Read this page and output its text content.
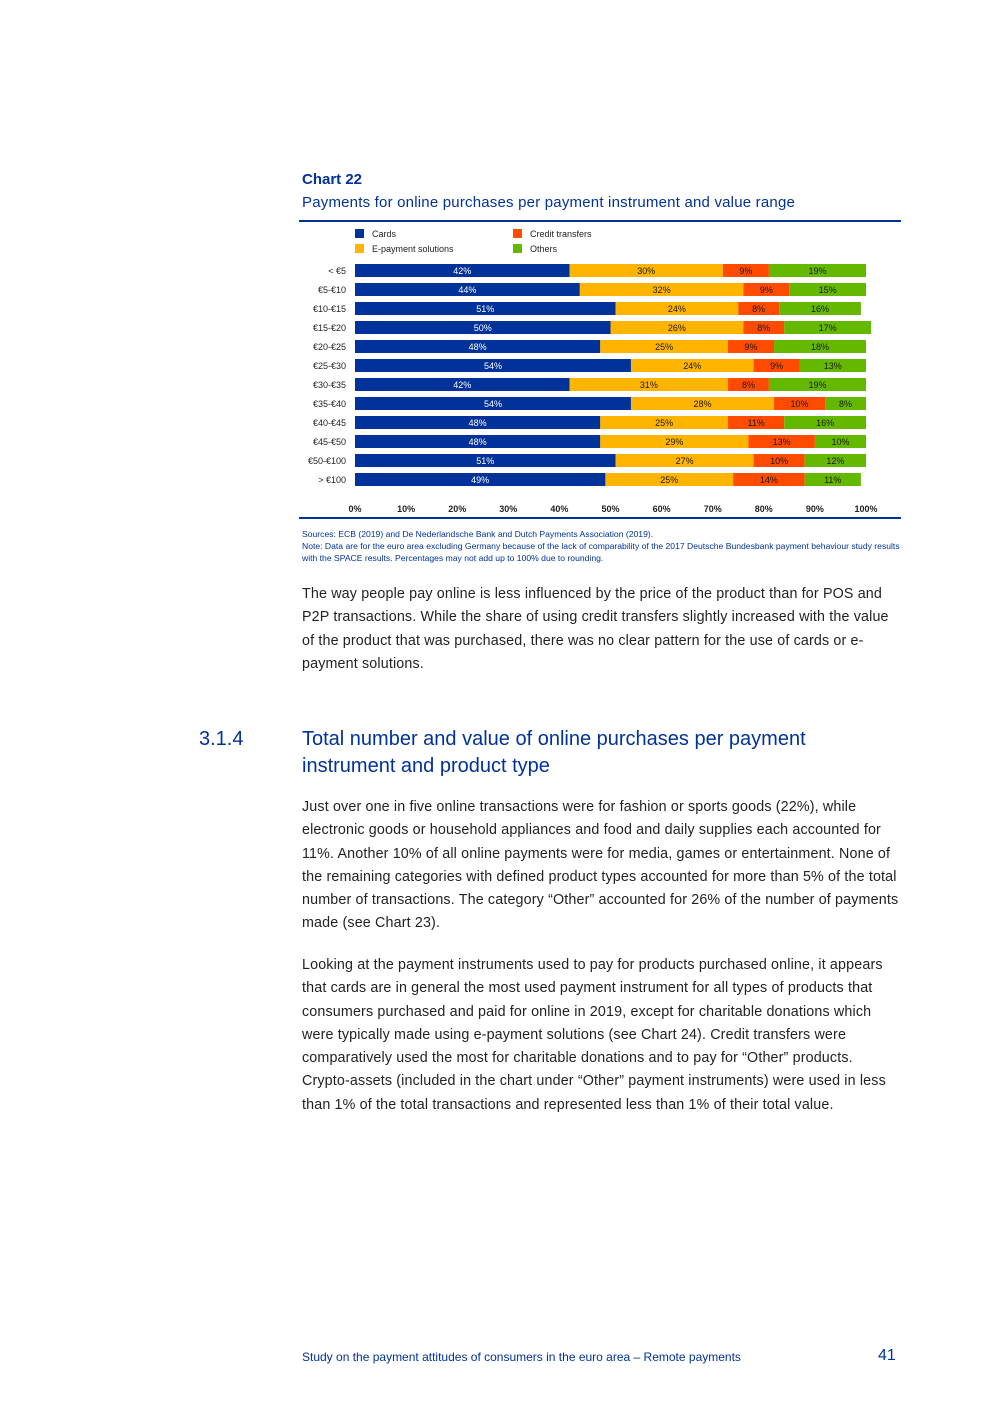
Chart 22

Payments for online purchases per payment instrument and value range

Cards	Credit transfers
E-payment solutions	Others
< €5	42%	30%	9%	19%
€5-€10	44%	32%	9%	15%
€10-€15	51%	24%	8%	16%
€15-€20	50%	26%	8%	17%
€20-€25	48%	25%	9%	18%
€25-€30	54%	24%	9%	13%
€30-€35	42%	31%	8%	19%
€35-€40	54%	28%	10%	8%
€40-€45	48%	25%	11%	16%
€45-€50	48%	29%	13%	10%
€50-€100	51%	27%	10%	12%
> €100	49%	25%	14%	11%
0%	10%	20%	30%	40%	50%	60%	70%	80%	90%	100%

Sources: ECB (2019) and De Nederlandsche Bank and Dutch Payments Association (2019).

Note: Data are for the euro area excluding Germany because of the lack of comparability of the 2017 Deutsche Bundesbank payment behaviour study results with the SPACE results. Percentages may not add up to 100% due to rounding.

The way people pay online is less influenced by the price of the product than for POS and P2P transactions. While the share of using credit transfers slightly increased with the value of the product that was purchased, there was no clear pattern for the use of cards or e-payment solutions.

3.1.4	Total number and value of online purchases per payment instrument and product type

Just over one in five online transactions were for fashion or sports goods (22%), while electronic goods or household appliances and food and daily supplies each accounted for 11%. Another 10% of all online payments were for media, games or entertainment. None of the remaining categories with defined product types accounted for more than 5% of the total number of transactions. The category “Other” accounted for 26% of the number of payments made (see Chart 23).

Looking at the payment instruments used to pay for products purchased online, it appears that cards are in general the most used payment instrument for all types of products that consumers purchased and paid for online in 2019, except for charitable donations which were typically made using e-payment solutions (see Chart 24). Credit transfers were comparatively used the most for charitable donations and to pay for “Other” products. Crypto-assets (included in the chart under “Other” payment instruments) were used in less than 1% of the total transactions and represented less than 1% of their total value.

Study on the payment attitudes of consumers in the euro area – Remote payments	41
